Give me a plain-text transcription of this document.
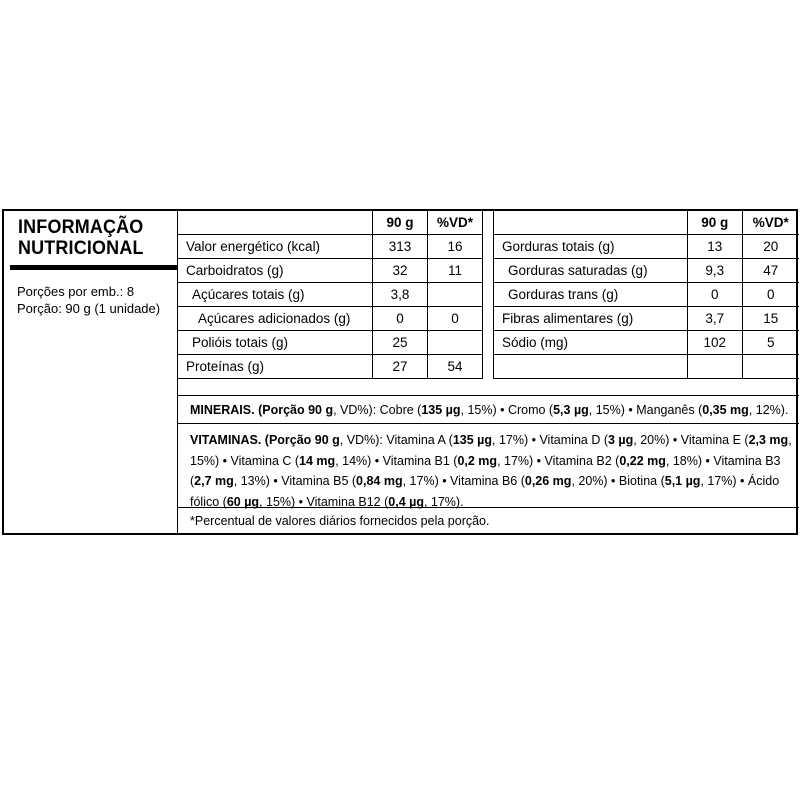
INFORMAÇÃO
NUTRICIONAL
Porções por emb.: 8
Porção: 90 g (1 unidade)
	90 g	%VD*
Valor energético (kcal)	313	16
Carboidratos (g)	32	11
Açúcares totais (g)	3,8	
Açúcares adicionados (g)	0	0
Polióis totais (g)	25	
Proteínas (g)	27	54
	90 g	%VD*
Gorduras totais (g)	13	20
Gorduras saturadas (g)	9,3	47
Gorduras trans (g)	0	0
Fibras alimentares (g)	3,7	15
Sódio (mg)	102	5

MINERAIS. (Porção 90 g, VD%): Cobre (135 µg, 15%) • Cromo (5,3 µg, 15%) • Manganês (0,35 mg, 12%).
VITAMINAS. (Porção 90 g, VD%): Vitamina A (135 µg, 17%) • Vitamina D (3 µg, 20%) • Vitamina E (2,3 mg, 15%) • Vitamina C (14 mg, 14%) • Vitamina B1 (0,2 mg, 17%) • Vitamina B2 (0,22 mg, 18%) • Vitamina B3 (2,7 mg, 13%) • Vitamina B5 (0,84 mg, 17%) • Vitamina B6 (0,26 mg, 20%) • Biotina (5,1 µg, 17%) • Ácido fólico (60 µg, 15%) • Vitamina B12 (0,4 µg, 17%).
*Percentual de valores diários fornecidos pela porção.
